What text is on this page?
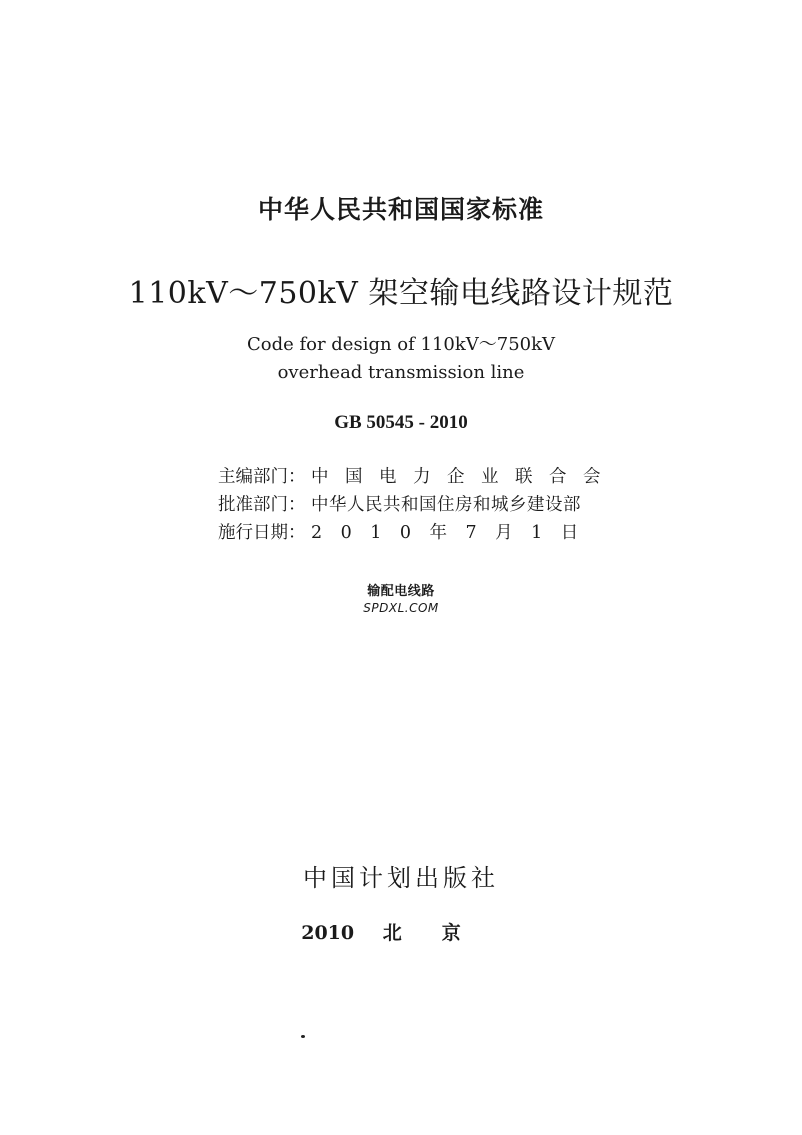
中华人民共和国国家标准
110kV～750kV 架空输电线路设计规范
Code for design of 110kV～750kV
overhead transmission line
GB 50545 - 2010
主编部门： 中国电力企业联合会
批准部门： 中华人民共和国住房和城乡建设部
施行日期： 2010年7月1日
输配电线路
SPDXL.COM
中国计划出版社
2010 北京
